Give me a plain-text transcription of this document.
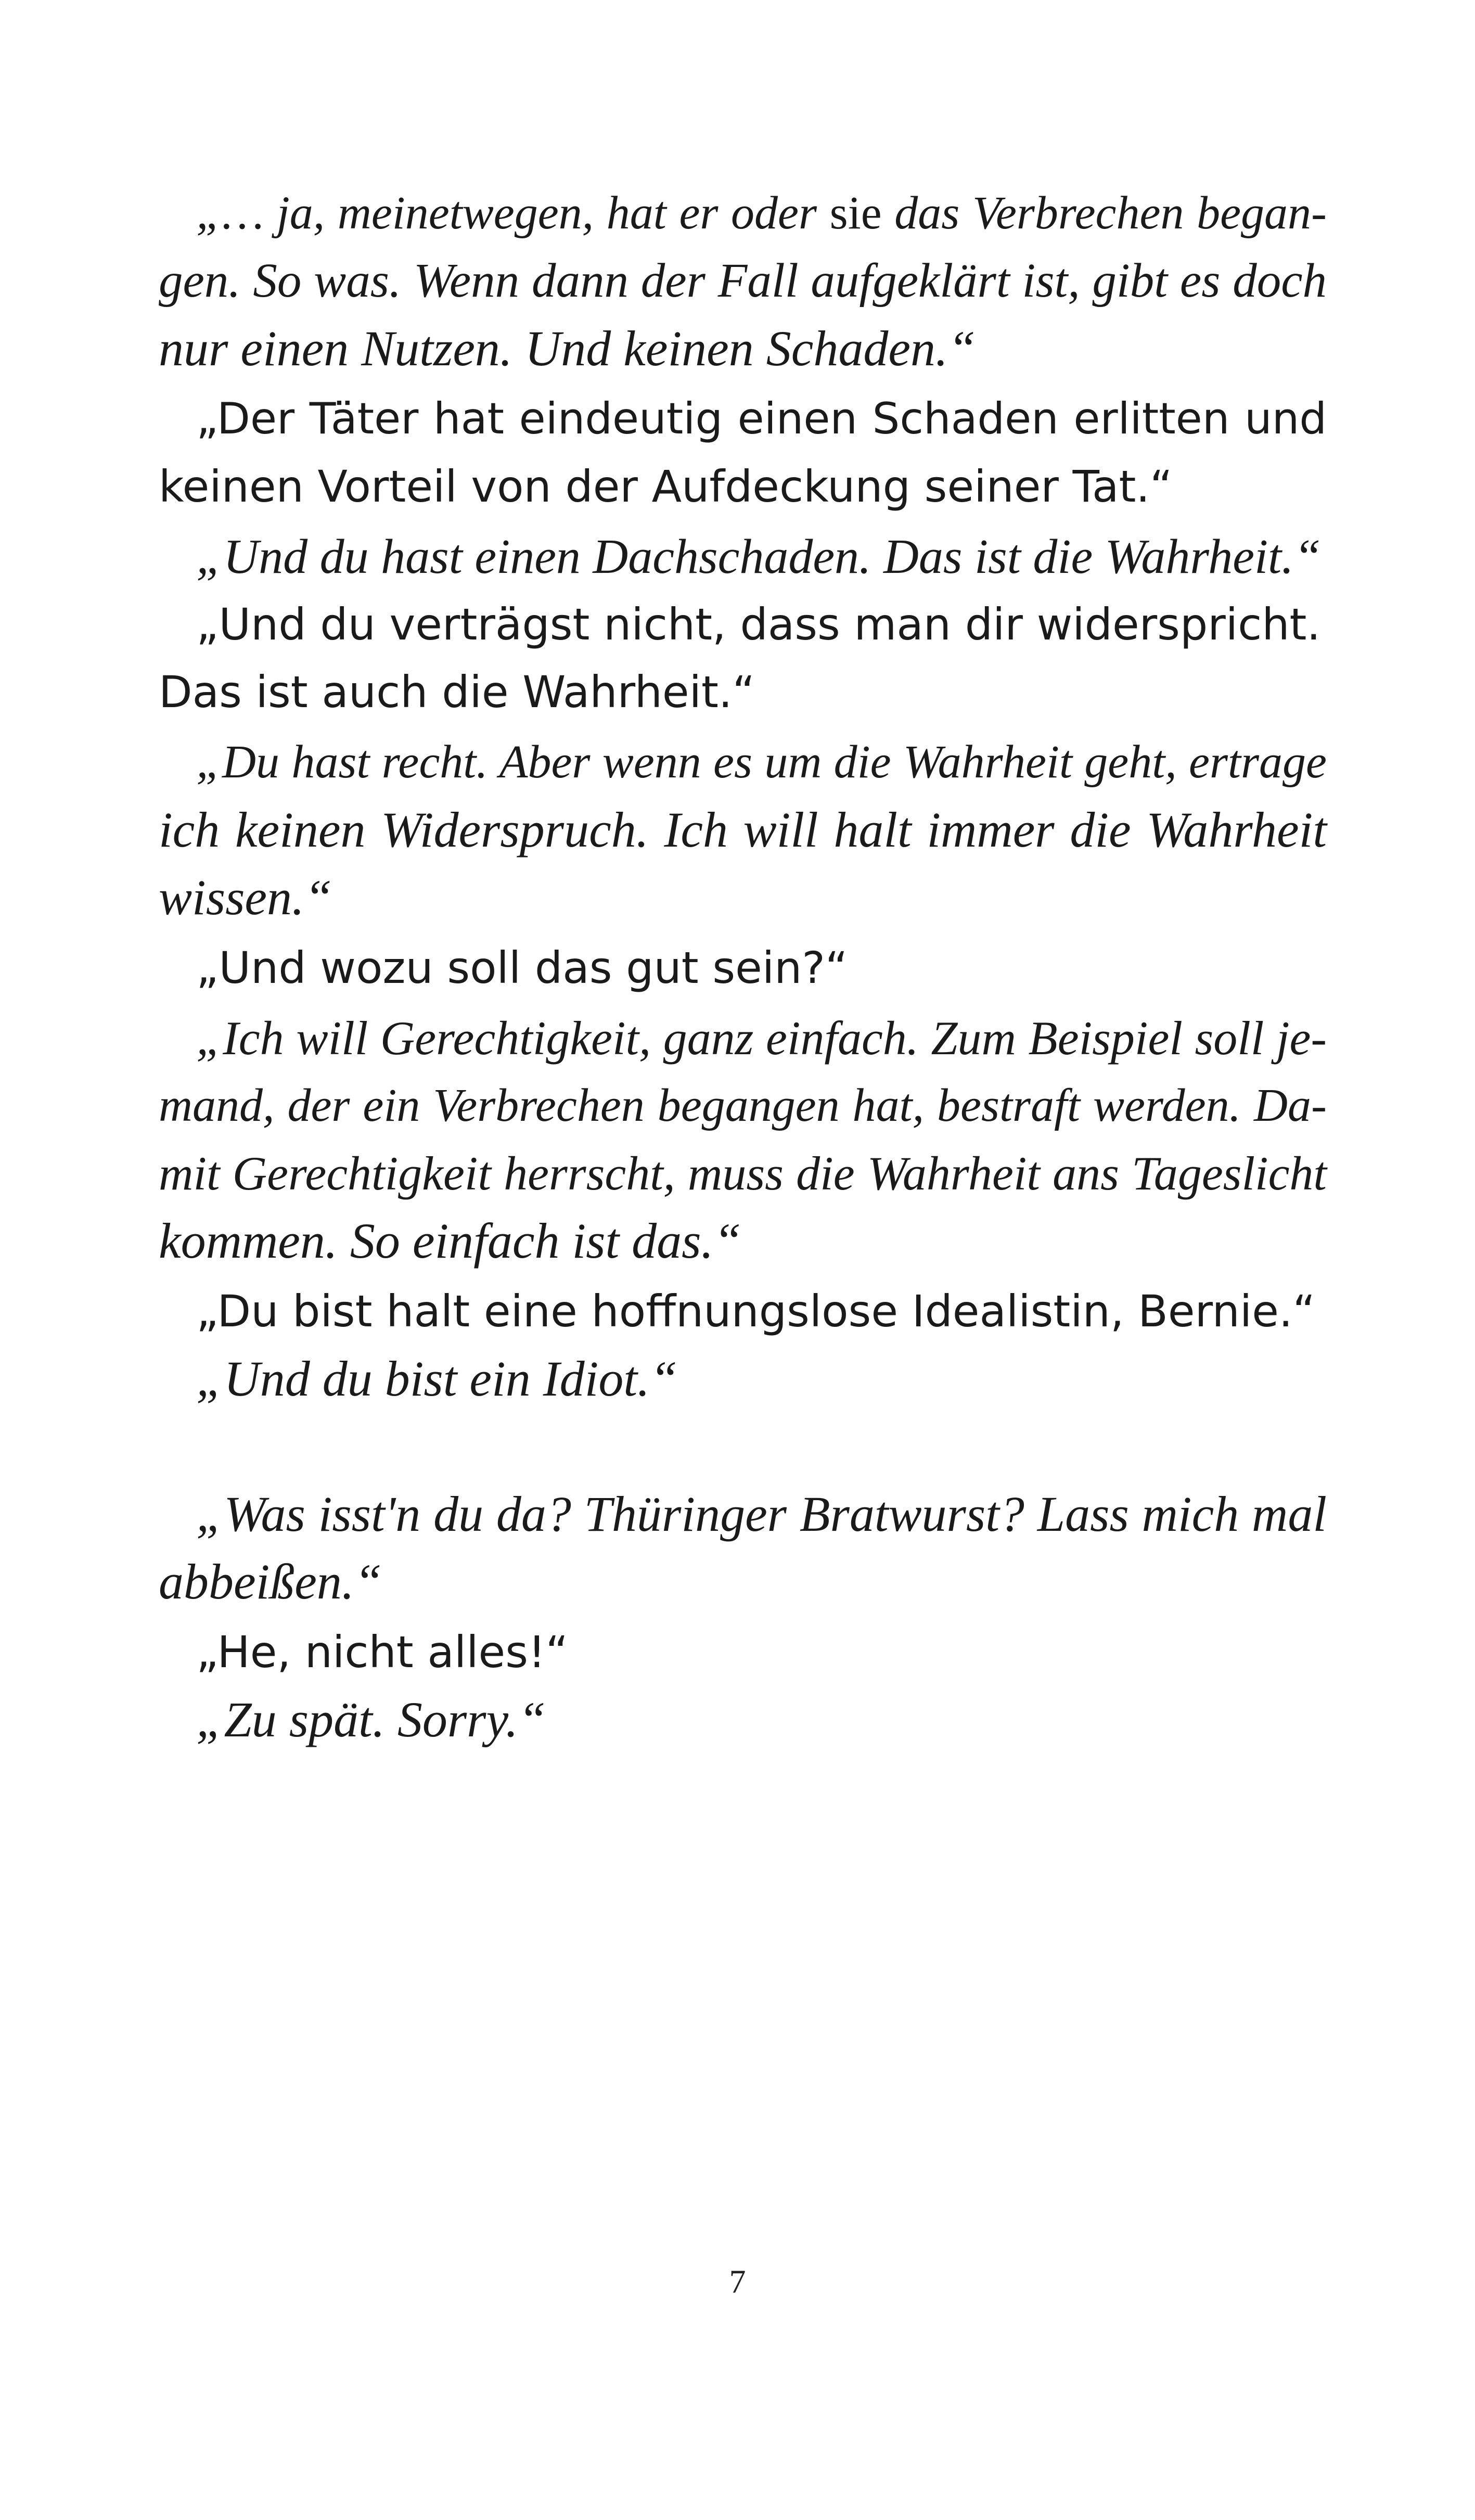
„… ja, meinetwegen, hat er oder sie das Verbrechen began-
gen. So was. Wenn dann der Fall aufgeklärt ist, gibt es doch
nur einen Nutzen. Und keinen Schaden.“
„Der Täter hat eindeutig einen Schaden erlitten und
keinen Vorteil von der Aufdeckung seiner Tat.“
„Und du hast einen Dachschaden. Das ist die Wahrheit.“
„Und du verträgst nicht, dass man dir widerspricht.
Das ist auch die Wahrheit.“
„Du hast recht. Aber wenn es um die Wahrheit geht, ertrage
ich keinen Widerspruch. Ich will halt immer die Wahrheit
wissen.“
„Und wozu soll das gut sein?“
„Ich will Gerechtigkeit, ganz einfach. Zum Beispiel soll je-
mand, der ein Verbrechen begangen hat, bestraft werden. Da-
mit Gerechtigkeit herrscht, muss die Wahrheit ans Tageslicht
kommen. So einfach ist das.“
„Du bist halt eine hoffnungslose Idealistin, Bernie.“
„Und du bist ein Idiot.“
„Was isst'n du da? Thüringer Bratwurst? Lass mich mal
abbeißen.“
„He, nicht alles!“
„Zu spät. Sorry.“
7
